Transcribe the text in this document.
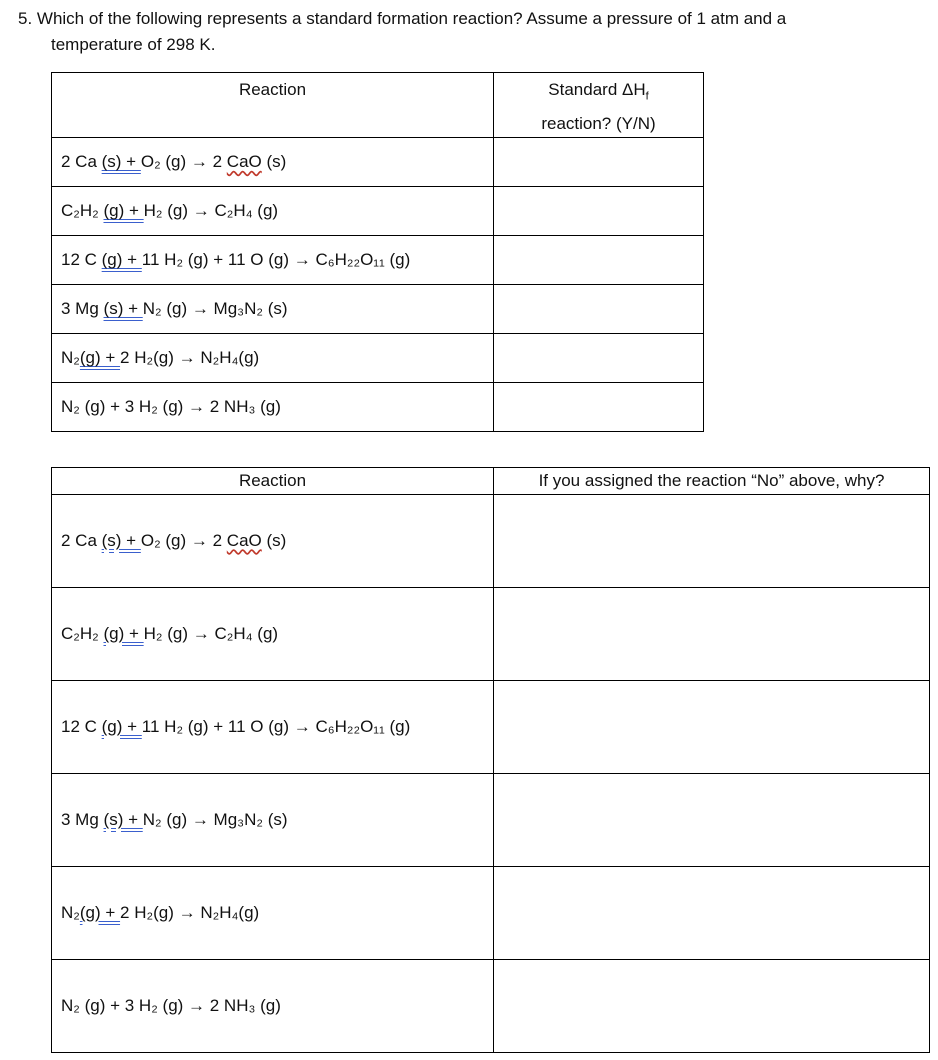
5. Which of the following represents a standard formation reaction? Assume a pressure of 1 atm and a
temperature of 298 K.
Reaction	Standard $\Delta H_f$
reaction? (Y/N)
2 Ca (s) + O₂ (g) → 2 CaO (s)	
C₂H₂ (g) + H₂ (g) → C₂H₄ (g)	
12 C (g) + 11 H₂ (g) + 11 O (g) → C₆H₂₂O₁₁ (g)	
3 Mg (s) + N₂ (g) → Mg₃N₂ (s)	
N₂(g) + 2 H₂(g) → N₂H₄(g)	
N₂ (g) + 3 H₂ (g) → 2 NH₃ (g)	
Reaction	If you assigned the reaction “No” above, why?
2 Ca (s) + O₂ (g) → 2 CaO (s)	
C₂H₂ (g) + H₂ (g) → C₂H₄ (g)	
12 C (g) + 11 H₂ (g) + 11 O (g) → C₆H₂₂O₁₁ (g)	
3 Mg (s) + N₂ (g) → Mg₃N₂ (s)	
N₂(g) + 2 H₂(g) → N₂H₄(g)	
N₂ (g) + 3 H₂ (g) → 2 NH₃ (g)	
